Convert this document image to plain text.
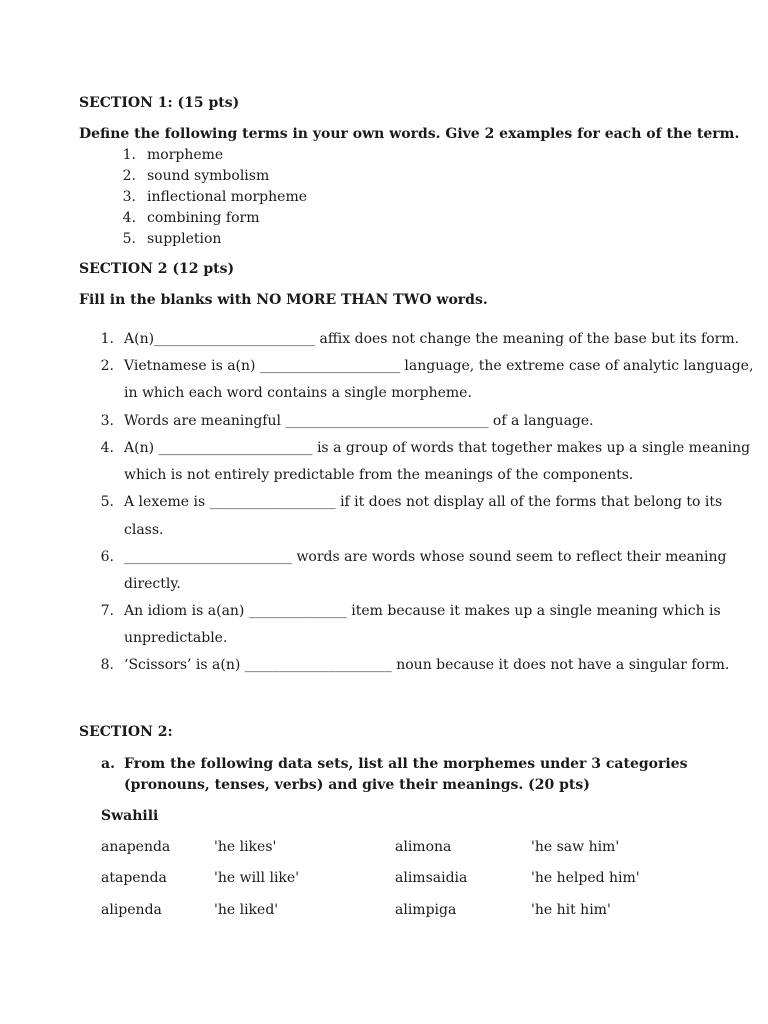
SECTION 1: (15 pts)
Define the following terms in your own words. Give 2 examples for each of the term.
1. morpheme
2. sound symbolism
3. inflectional morpheme
4. combining form
5. suppletion
SECTION 2 (12 pts)
Fill in the blanks with NO MORE THAN TWO words.
1. A(n)_______________________ affix does not change the meaning of the base but its form.
2. Vietnamese is a(n) ____________________ language, the extreme case of analytic language,
in which each word contains a single morpheme.
3. Words are meaningful _____________________________ of a language.
4. A(n) ______________________ is a group of words that together makes up a single meaning
which is not entirely predictable from the meanings of the components.
5. A lexeme is __________________ if it does not display all of the forms that belong to its
class.
6. ________________________ words are words whose sound seem to reflect their meaning
directly.
7. An idiom is a(an) ______________ item because it makes up a single meaning which is
unpredictable.
8. ‘Scissors’ is a(n) _____________________ noun because it does not have a singular form.
SECTION 2:
a. From the following data sets, list all the morphemes under 3 categories
(pronouns, tenses, verbs) and give their meanings. (20 pts)
Swahili
anapenda	'he likes'	alimona	'he saw him'
atapenda	'he will like'	alimsaidia	'he helped him'
alipenda	'he liked'	alimpiga	'he hit him'
